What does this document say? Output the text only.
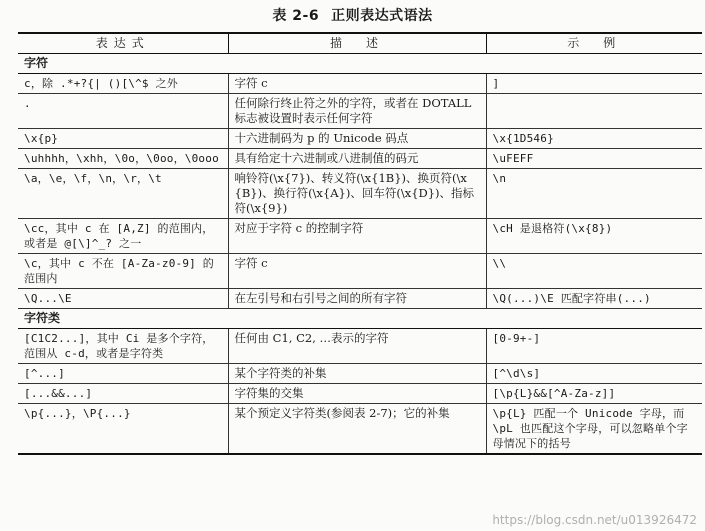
表 2-6 正则表达式语法
表达式	描　述	示　例
字符		
c，除 .*+?{| ()[\^$ 之外	字符 c	]
.	任何除行终止符之外的字符，或者在 DOTALL 标志被设置时表示任何字符	
\x{p}	十六进制码为 p 的 Unicode 码点	\x{1D546}
\uhhhh，\xhh，\0o，\0oo，\0ooo	具有给定十六进制或八进制值的码元	\uFEFF
\a，\e，\f，\n，\r，\t	响铃符(\x{7})、转义符(\x{1B})、换页符(\x{B})、换行符(\x{A})、回车符(\x{D})、指标符(\x{9})	\n
\cc，其中 c 在 [A,Z] 的范围内，或者是 @[\]^_? 之一	对应于字符 c 的控制字符	\cH 是退格符(\x{8})
\c，其中 c 不在 [A-Za-z0-9] 的范围内	字符 c	\\
\Q...\E	在左引号和右引号之间的所有字符	\Q(...)\E 匹配字符串(...)
字符类		
[C1C2...]，其中 Ci 是多个字符，范围从 c-d，或者是字符类	任何由 C1, C2, …表示的字符	[0-9+-]
[^...]	某个字符类的补集	[^\d\s]
[...&&...]	字符集的交集	[\p{L}&&[^A-Za-z]]
\p{...}，\P{...}	某个预定义字符类(参阅表 2-7)；它的补集	\p{L} 匹配一个 Unicode 字母，而 \pL 也匹配这个字母，可以忽略单个字母情况下的括号
https://blog.csdn.net/u013926472
